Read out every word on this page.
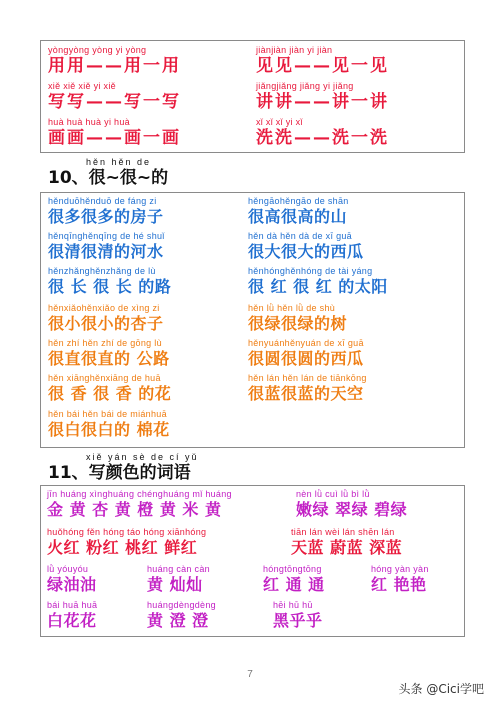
yòngyòng yòng yi yòng
用用——用一用
jiànjiàn jiàn yi jiàn
见见——见一见
xiě xiě xiě yi xiě
写写——写一写
jiǎngjiǎng jiǎng yi jiǎng
讲讲——讲一讲
huà huà huà yi huà
画画——画一画
xǐ xǐ xǐ yi xǐ
洗洗——洗一洗
hěn hěn de
10、很~很~的
hěnduōhěnduō de fáng zi
很多很多的房子
hěngāohěngāo de shān
很高很高的山
hěnqīnghěnqīng de hé shuǐ
很清很清的河水
hěn dà hěn dà de xī guā
很大很大的西瓜
hěnzhǎnghěnzhǎng de lù
很 长 很 长 的路
hěnhónghěnhóng de tài yáng
很 红 很 红 的太阳
hěnxiǎohěnxiǎo de xìng zi
很小很小的杏子
hěn lǜ hěn lǜ de shù
很绿很绿的树
hěn zhí hěn zhí de gōng lù
很直很直的 公路
hěnyuánhěnyuán de xī guā
很圆很圆的西瓜
hěn xiānghěnxiāng de huā
很 香 很 香 的花
hěn lán hěn lán de tiānkōng
很蓝很蓝的天空
hěn bái hěn bái de miánhuā
很白很白的 棉花
xiě yán sè de cí yǔ
11、写颜色的词语
jīn huáng xìnghuáng chénghuáng mǐ huáng
金 黄 杏 黄 橙 黄 米 黄
nèn lǜ cuì lǜ bì lǜ
嫩绿 翠绿 碧绿
huǒhóng fěn hóng táo hóng xiānhóng
火红 粉红 桃红 鲜红
tiān lán wèi lán shēn lán
天蓝 蔚蓝 深蓝
lǜ yóuyóu
绿油油
huáng càn càn
黄 灿灿
hóngtōngtōng
红 通 通
hóng yàn yàn
红 艳艳
bái huā huā
白花花
huángdèngdèng
黄 澄 澄
hēi hū hū
黑乎乎
7
头条 @Cici学吧
